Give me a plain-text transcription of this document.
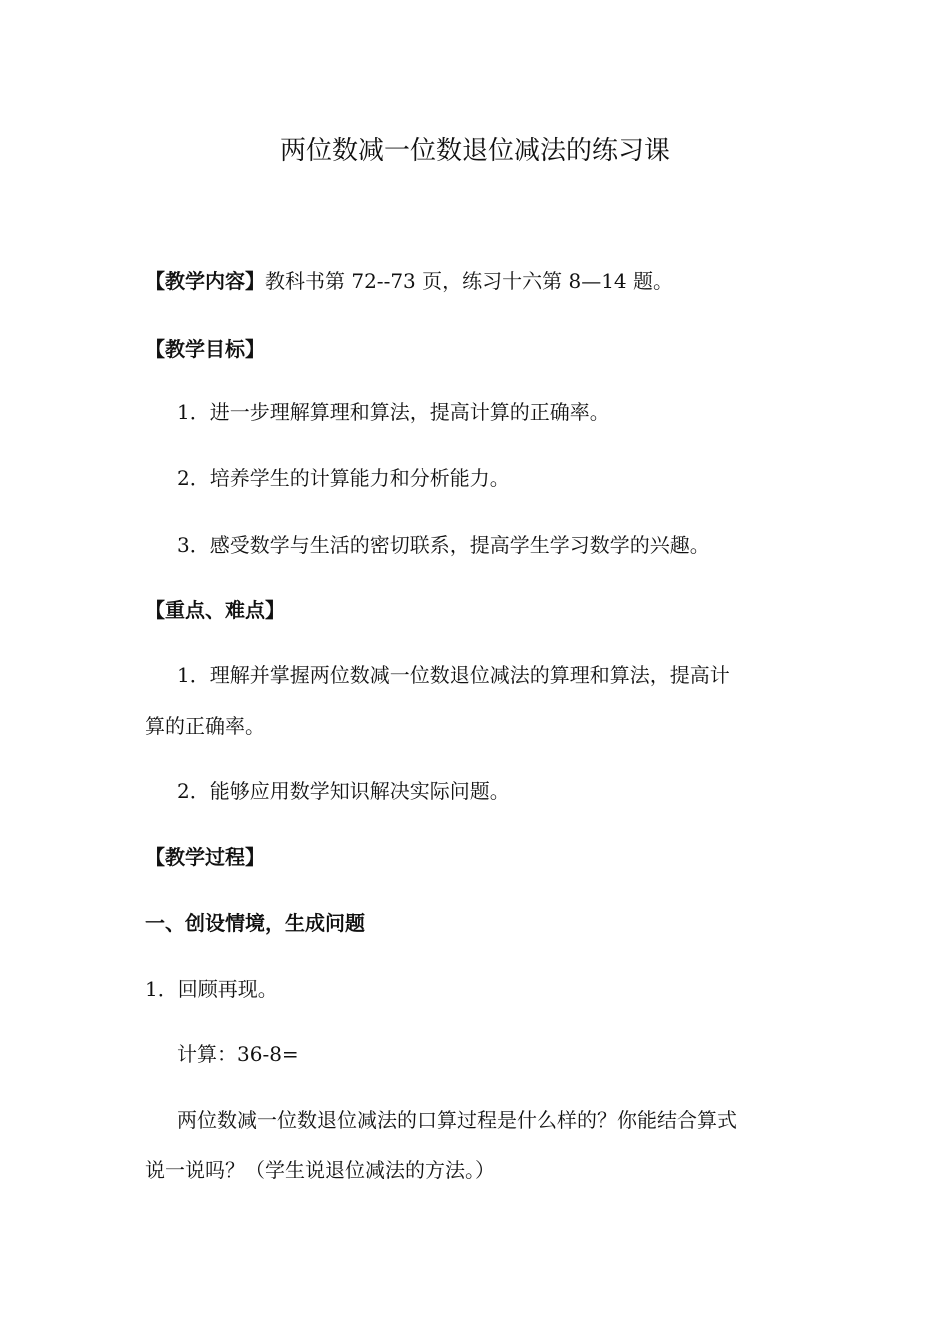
两位数减一位数退位减法的练习课
【教学内容】教科书第 72--73 页，练习十六第 8—14 题。
【教学目标】
1．进一步理解算理和算法，提高计算的正确率。
2．培养学生的计算能力和分析能力。
3．感受数学与生活的密切联系，提高学生学习数学的兴趣。
【重点、难点】
1．理解并掌握两位数减一位数退位减法的算理和算法，提高计
算的正确率。
2．能够应用数学知识解决实际问题。
【教学过程】
一、创设情境，生成问题
1．回顾再现。
计算：36-8=
两位数减一位数退位减法的口算过程是什么样的？你能结合算式
说一说吗？（学生说退位减法的方法。）
